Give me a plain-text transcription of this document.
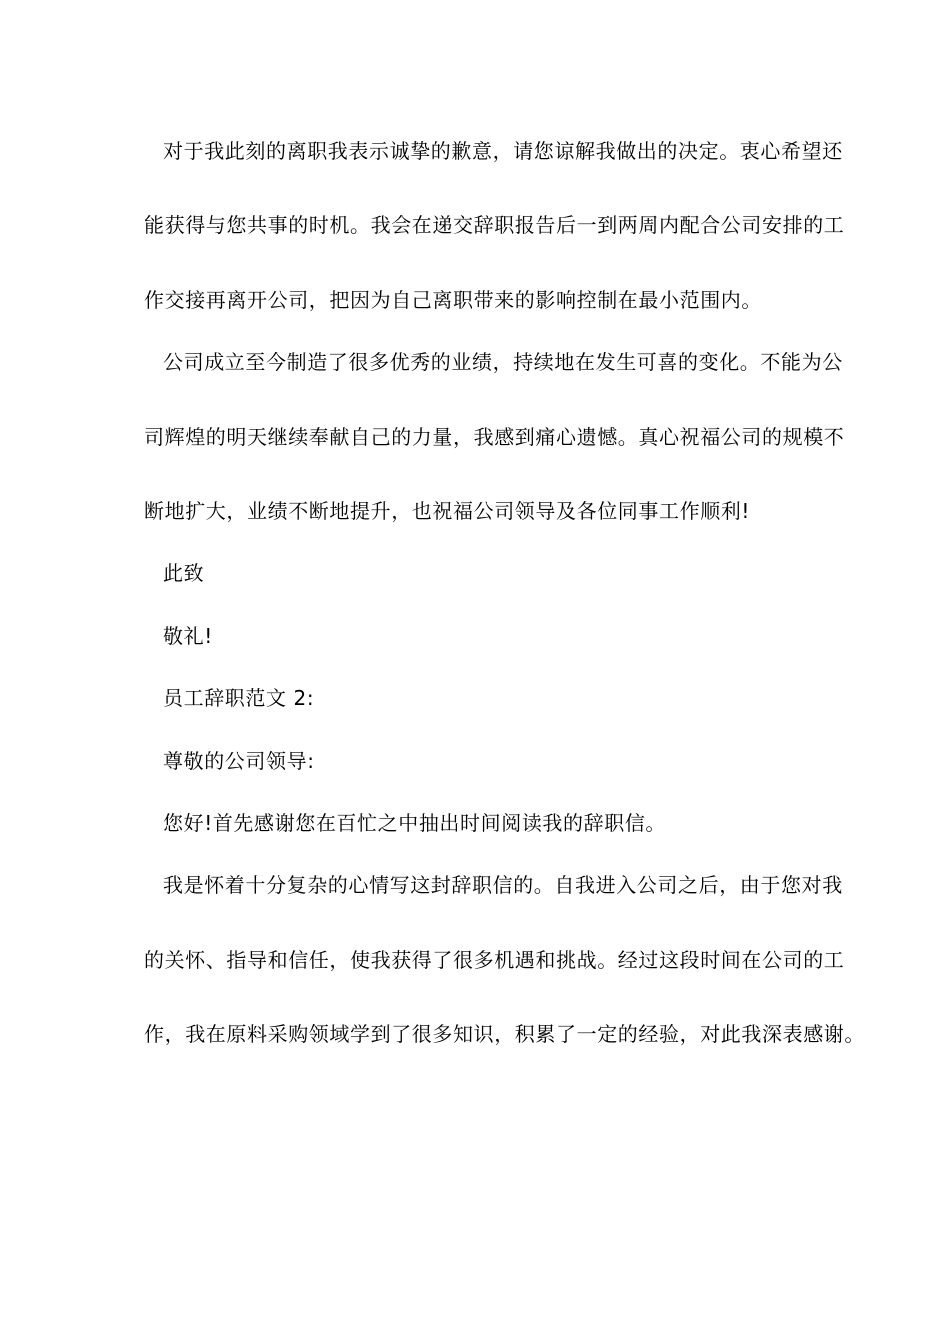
对于我此刻的离职我表示诚挚的歉意，请您谅解我做出的决定。衷心希望还
能获得与您共事的时机。我会在递交辞职报告后一到两周内配合公司安排的工
作交接再离开公司，把因为自己离职带来的影响控制在最小范围内。
公司成立至今制造了很多优秀的业绩，持续地在发生可喜的变化。不能为公
司辉煌的明天继续奉献自己的力量，我感到痛心遗憾。真心祝福公司的规模不
断地扩大，业绩不断地提升，也祝福公司领导及各位同事工作顺利!
此致
敬礼!
员工辞职范文 2:
尊敬的公司领导:
您好!首先感谢您在百忙之中抽出时间阅读我的辞职信。
我是怀着十分复杂的心情写这封辞职信的。自我进入公司之后，由于您对我
的关怀、指导和信任，使我获得了很多机遇和挑战。经过这段时间在公司的工
作，我在原料采购领域学到了很多知识，积累了一定的经验，对此我深表感谢。
